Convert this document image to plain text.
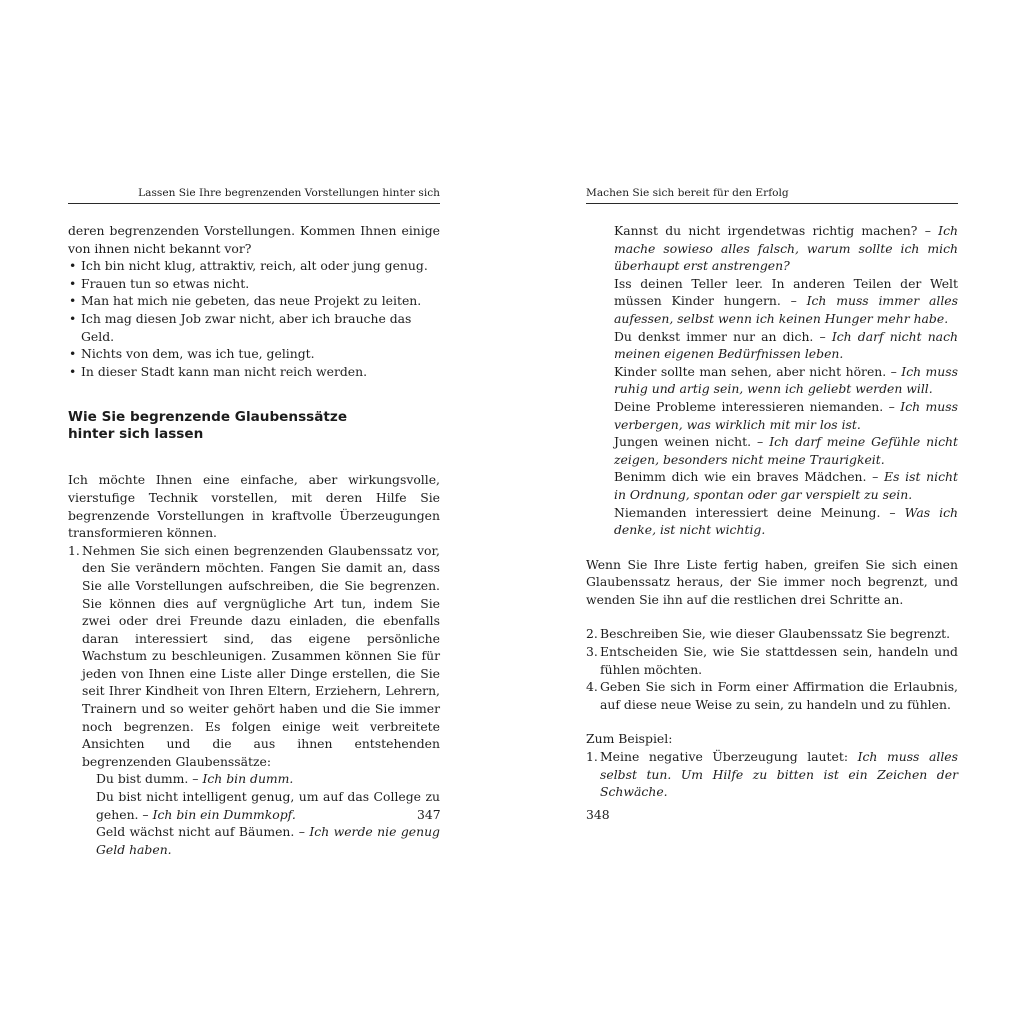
Lassen Sie Ihre begrenzenden Vorstellungen hinter sich

deren begrenzenden Vorstellungen. Kommen Ihnen einige von ihnen nicht bekannt vor?

• Ich bin nicht klug, attraktiv, reich, alt oder jung genug.
• Frauen tun so etwas nicht.
• Man hat mich nie gebeten, das neue Projekt zu leiten.
• Ich mag diesen Job zwar nicht, aber ich brauche das Geld.
• Nichts von dem, was ich tue, gelingt.
• In dieser Stadt kann man nicht reich werden.
Wie Sie begrenzende Glaubenssätze hinter sich lassen

Ich möchte Ihnen eine einfache, aber wirkungsvolle, vierstufige Technik vorstellen, mit deren Hilfe Sie begrenzende Vorstellungen in kraftvolle Überzeugungen transformieren können.

1. Nehmen Sie sich einen begrenzenden Glaubenssatz vor, den Sie verändern möchten. Fangen Sie damit an, dass Sie alle Vorstellungen aufschreiben, die Sie begrenzen. Sie können dies auf vergnügliche Art tun, indem Sie zwei oder drei Freunde dazu einladen, die ebenfalls daran interessiert sind, das eigene persönliche Wachstum zu beschleunigen. Zusammen können Sie für jeden von Ihnen eine Liste aller Dinge erstellen, die Sie seit Ihrer Kindheit von Ihren Eltern, Erziehern, Lehrern, Trainern und so weiter gehört haben und die Sie immer noch begrenzen. Es folgen einige weit verbreitete Ansichten und die aus ihnen entstehenden begrenzenden Glaubenssätze:
Du bist dumm. – Ich bin dumm.
Du bist nicht intelligent genug, um auf das College zu gehen. – Ich bin ein Dummkopf.
Geld wächst nicht auf Bäumen. – Ich werde nie genug Geld haben.
347
Machen Sie sich bereit für den Erfolg
Kannst du nicht irgendetwas richtig machen? – Ich mache sowieso alles falsch, warum sollte ich mich überhaupt erst anstrengen?
Iss deinen Teller leer. In anderen Teilen der Welt müssen Kinder hungern. – Ich muss immer alles aufessen, selbst wenn ich keinen Hunger mehr habe.
Du denkst immer nur an dich. – Ich darf nicht nach meinen eigenen Bedürfnissen leben.
Kinder sollte man sehen, aber nicht hören. – Ich muss ruhig und artig sein, wenn ich geliebt werden will.
Deine Probleme interessieren niemanden. – Ich muss verbergen, was wirklich mit mir los ist.
Jungen weinen nicht. – Ich darf meine Gefühle nicht zeigen, besonders nicht meine Traurigkeit.
Benimm dich wie ein braves Mädchen. – Es ist nicht in Ordnung, spontan oder gar verspielt zu sein.
Niemanden interessiert deine Meinung. – Was ich denke, ist nicht wichtig.

Wenn Sie Ihre Liste fertig haben, greifen Sie sich einen Glaubenssatz heraus, der Sie immer noch begrenzt, und wenden Sie ihn auf die restlichen drei Schritte an.

2. Beschreiben Sie, wie dieser Glaubenssatz Sie begrenzt.
3. Entscheiden Sie, wie Sie stattdessen sein, handeln und fühlen möchten.
4. Geben Sie sich in Form einer Affirmation die Erlaubnis, auf diese neue Weise zu sein, zu handeln und zu fühlen.

Zum Beispiel:

1. Meine negative Überzeugung lautet: Ich muss alles selbst tun. Um Hilfe zu bitten ist ein Zeichen der Schwäche.
348
